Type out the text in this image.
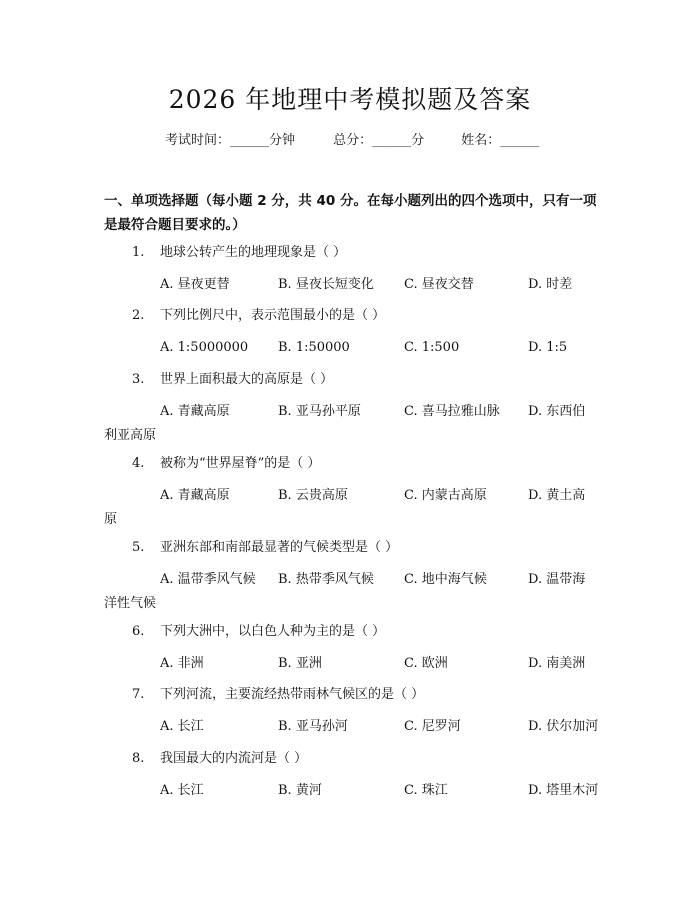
2026 年地理中考模拟题及答案
考试时间：______分钟	总分：______分	姓名：______
一、单项选择题（每小题 2 分，共 40 分。在每小题列出的四个选项中，只有一项是最符合题目要求的。）
1. 地球公转产生的地理现象是（ ）
A. 昼夜更替	B. 昼夜长短变化 C. 昼夜交替	D. 时差
2. 下列比例尺中，表示范围最小的是（ ）
A. 1:5000000 B. 1:50000	C. 1:500	D. 1:5
3. 世界上面积最大的高原是（ ）
A. 青藏高原	B. 亚马孙平原	C. 喜马拉雅山脉 D. 东西伯
利亚高原
4. 被称为“世界屋脊”的是（ ）
A. 青藏高原	B. 云贵高原	C. 内蒙古高原	D. 黄土高
原
5. 亚洲东部和南部最显著的气候类型是（ ）
A. 温带季风气候 B. 热带季风气候 C. 地中海气候	D. 温带海
洋性气候
6. 下列大洲中，以白色人种为主的是（ ）
A. 非洲	B. 亚洲	C. 欧洲	D. 南美洲
7. 下列河流，主要流经热带雨林气候区的是（ ）
A. 长江	B. 亚马孙河	C. 尼罗河	D. 伏尔加河
8. 我国最大的内流河是（ ）
A. 长江	B. 黄河	C. 珠江	D. 塔里木河
